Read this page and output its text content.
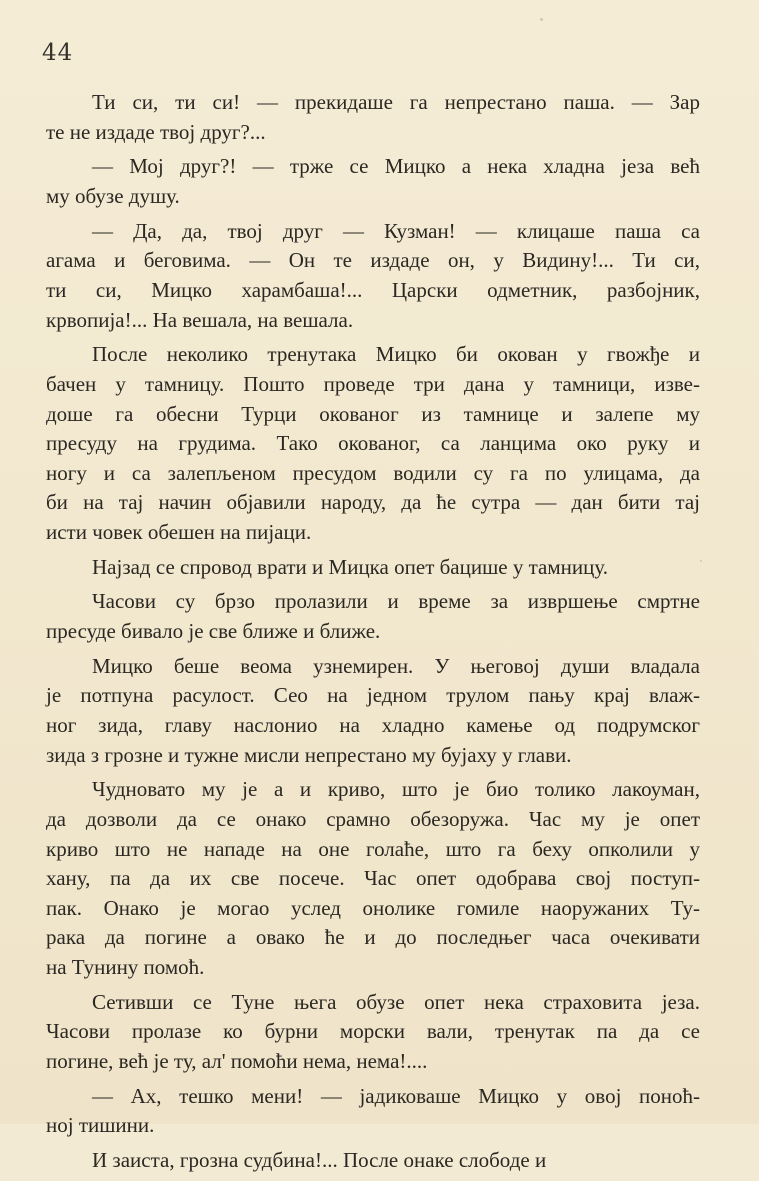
44
Ти си, ти си! — прекидаше га непрестано паша. — Зар
те не издаде твој друг?...
— Мој друг?! — трже се Мицко а нека хладна језа већ
му обузе душу.
— Да, да, твој друг — Кузман! — клицаше паша са
агама и беговима. — Он те издаде он, у Видину!... Ти си,
ти си, Мицко харамбаша!... Царски одметник, разбојник,
крвопија!... На вешала, на вешала.
После неколико тренутака Мицко би окован у гвожђе и
бачен у тамницу. Пошто проведе три дана у тамници, изве-
доше га обесни Турци окованог из тамнице и залепе му
пресуду на грудима. Тако окованог, са ланцима око руку и
ногу и са залепљеном пресудом водили су га по улицама, да
би на тај начин објавили народу, да ће сутра — дан бити тај
исти човек обешен на пијаци.
Најзад се спровод врати и Мицка опет бацише у тамницу.
Часови су брзо пролазили и време за извршење смртне
пресуде бивало је све ближе и ближе.
Мицко беше веома узнемирен. У његовој души владала
је потпуна расулост. Сео на једном трулом пању крај влаж-
ног зида, главу наслонио на хладно камење од подрумског
зида з грозне и тужне мисли непрестано му бујаху у глави.
Чудновато му је а и криво, што је био толико лакоуман,
да дозволи да се онако срамно обезоружа. Час му је опет
криво што не нападе на оне голаће, што га беху опколили у
хану, па да их све посече. Час опет одобрава свој поступ-
пак. Онако је могао услед онолике гомиле наоружаних Ту-
рака да погине а овако ће и до последњег часа очекивати
на Тунину помоћ.
Сетивши се Туне њега обузе опет нека страховита језа.
Часови пролазе ко бурни морски вали, тренутак па да се
погине, већ је ту, ал' помоћи нема, нема!....
— Ах, тешко мени! — јадиковаше Мицко у овој поноћ-
ној тишини.
И заиста, грозна судбина!... После онаке слободе и
